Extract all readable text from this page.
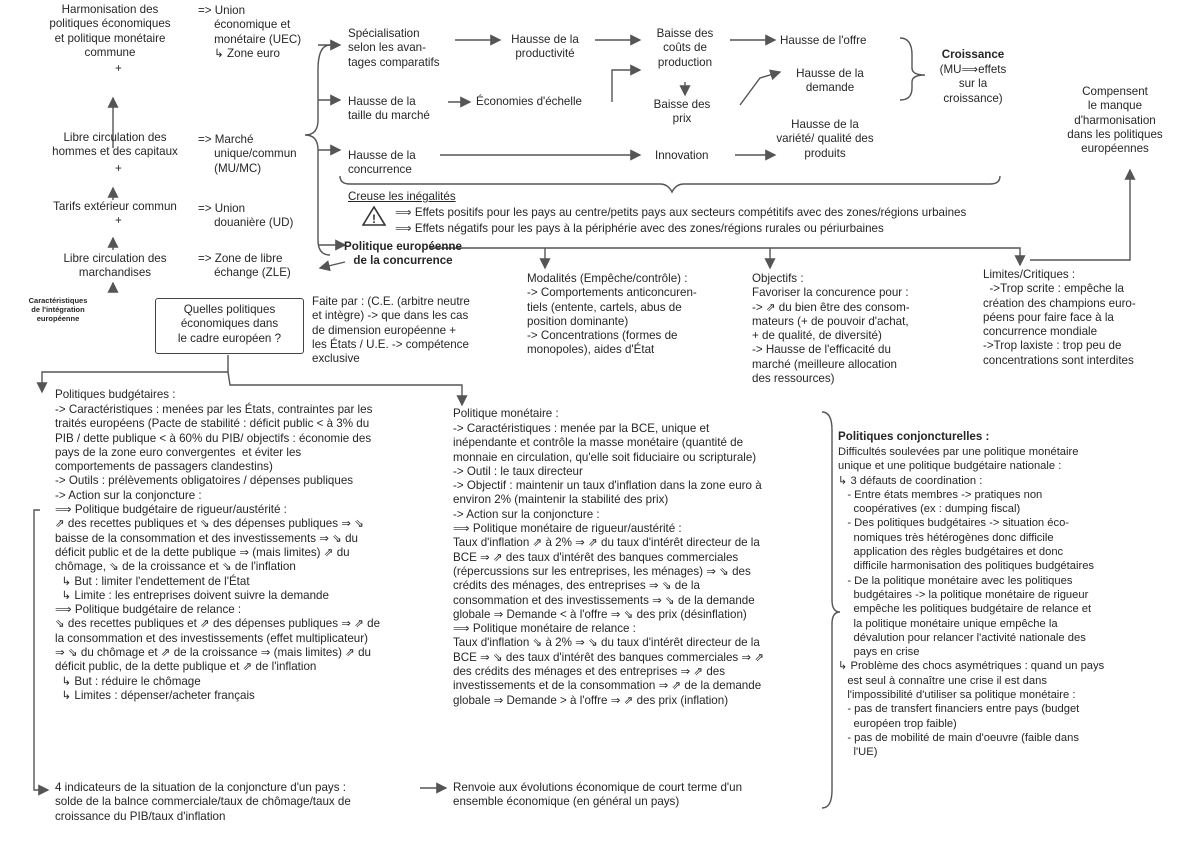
Harmonisation des
politiques économiques
et politique monétaire
commune
+
Libre circulation des
hommes et des capitaux
+
Tarifs extérieur commun
+
Libre circulation des
marchandises
Caractéristiques
de l'intégration
européenne
=> Union
économique et
monétaire (UEC)
↳ Zone euro
=> Marché
unique/commun
(MU/MC)
=> Union
douanière (UD)
=> Zone de libre
échange (ZLE)
Spécialisation
selon les avan-
tages comparatifs
Hausse de la
productivité
Baisse des
coûts de
production
Hausse de l'offre
Hausse de la
taille du marché
Économies d'échelle	Baisse des
prix
Hausse de la
demande
Hausse de la
concurrence
Innovation
Hausse de la
variété/ qualité des
produits
Croissance
(MU⟹effets
sur la
croissance)
Compensent
le manque
d'harmonisation
dans les politiques
européennes
Creuse les inégalités
! ⟹ Effets positifs pour les pays au centre/petits pays aux secteurs compétitifs avec des zones/régions urbaines
⟹ Effets négatifs pour les pays à la périphérie avec des zones/régions rurales ou périurbaines
Politique européenne
de la concurrence
Faite par : (C.E. (arbitre neutre
et intègre) -> que dans les cas
de dimension européenne +
les États / U.E. -> compétence
exclusive
Modalités (Empêche/contrôle) :
-> Comportements anticoncuren-
tiels (entente, cartels, abus de
position dominante)
-> Concentrations (formes de
monopoles), aides d'État
Objectifs :
Favoriser la concurence pour :
-> ⇗ du bien être des consom-
mateurs (+ de pouvoir d'achat,
+ de qualité, de diversité)
-> Hausse de l'efficacité du
marché (meilleure allocation
des ressources)
Limites/Critiques :
->Trop scrite : empêche la
création des champions euro-
péens pour faire face à la
concurrence mondiale
->Trop laxiste : trop peu de
concentrations sont interdites
Quelles politiques
économiques dans
le cadre européen ?
Politiques budgétaires :
-> Caractéristiques : menées par les États, contraintes par les
traités européens (Pacte de stabilité : déficit public < à 3% du
PIB / dette publique < à 60% du PIB/ objectifs : économie des
pays de la zone euro convergentes  et éviter les
comportements de passagers clandestins)
-> Outils : prélèvements obligatoires / dépenses publiques
-> Action sur la conjoncture :
⟹ Politique budgétaire de rigueur/austérité :
⇗ des recettes publiques et ⇘ des dépenses publiques ⇒ ⇘
baisse de la consommation et des investissements ⇒ ⇘ du
déficit public et de la dette publique ⇒ (mais limites) ⇗ du
chômage, ⇘ de la croissance et ⇘ de l'inflation
↳ But : limiter l'endettement de l'État
↳ Limite : les entreprises doivent suivre la demande
⟹ Politique budgétaire de relance :
⇘ des recettes publiques et ⇗ des dépenses publiques ⇒ ⇗ de
la consommation et des investissements (effet multiplicateur)
⇒ ⇘ du chômage et ⇗ de la croissance ⇒ (mais limites) ⇗ du
déficit public, de la dette publique et ⇗ de l'inflation
↳ But : réduire le chômage
↳ Limites : dépenser/acheter français
Politique monétaire :
-> Caractéristiques : menée par la BCE, unique et
inépendante et contrôle la masse monétaire (quantité de
monnaie en circulation, qu'elle soit fiduciaire ou scripturale)
-> Outil : le taux directeur
-> Objectif : maintenir un taux d'inflation dans la zone euro à
environ 2% (maintenir la stabilité des prix)
-> Action sur la conjoncture :
⟹ Politique monétaire de rigueur/austérité :
Taux d'inflation ⇗ à 2% ⇒ ⇗ du taux d'intérêt directeur de la
BCE ⇒ ⇗ des taux d'intérêt des banques commerciales
(répercussions sur les entreprises, les ménages) ⇒ ⇘ des
crédits des ménages, des entreprises ⇒ ⇘ de la
consommation et des investissements ⇒ ⇘ de la demande
globale ⇒ Demande < à l'offre ⇒ ⇘ des prix (désinflation)
⟹ Politique monétaire de relance :
Taux d'inflation ⇘ à 2% ⇒ ⇘ du taux d'intérêt directeur de la
BCE ⇒ ⇘ des taux d'intérêt des banques commerciales ⇒ ⇗
des crédits des ménages et des entreprises ⇒ ⇗ des
investissements et de la consommation ⇒ ⇗ de la demande
globale ⇒ Demande > à l'offre ⇒ ⇗ des prix (inflation)
Politiques conjoncturelles :
Difficultés soulevées par une politique monétaire
unique et une politique budgétaire nationale :
↳ 3 défauts de coordination :
- Entre états membres -> pratiques non
coopératives (ex : dumping fiscal)
- Des politiques budgétaires -> situation éco-
nomiques très hétérogènes donc difficile
application des règles budgétaires et donc
difficile harmonisation des politiques budgétaires
- De la politique monétaire avec les politiques
budgétaires -> la politique monétaire de rigueur
empêche les politiques budgétaire de relance et
la politique monétaire unique empêche la
dévalution pour relancer l'activité nationale des
pays en crise
↳ Problème des chocs asymétriques : quand un pays
est seul à connaître une crise il est dans
l'impossibilité d'utiliser sa politique monétaire :
- pas de transfert financiers entre pays (budget
européen trop faible)
- pas de mobilité de main d'oeuvre (faible dans
l'UE)
4 indicateurs de la situation de la conjoncture d'un pays :
solde de la balnce commerciale/taux de chômage/taux de
croissance du PIB/taux d'inflation
Renvoie aux évolutions économique de court terme d'un
ensemble économique (en général un pays)
